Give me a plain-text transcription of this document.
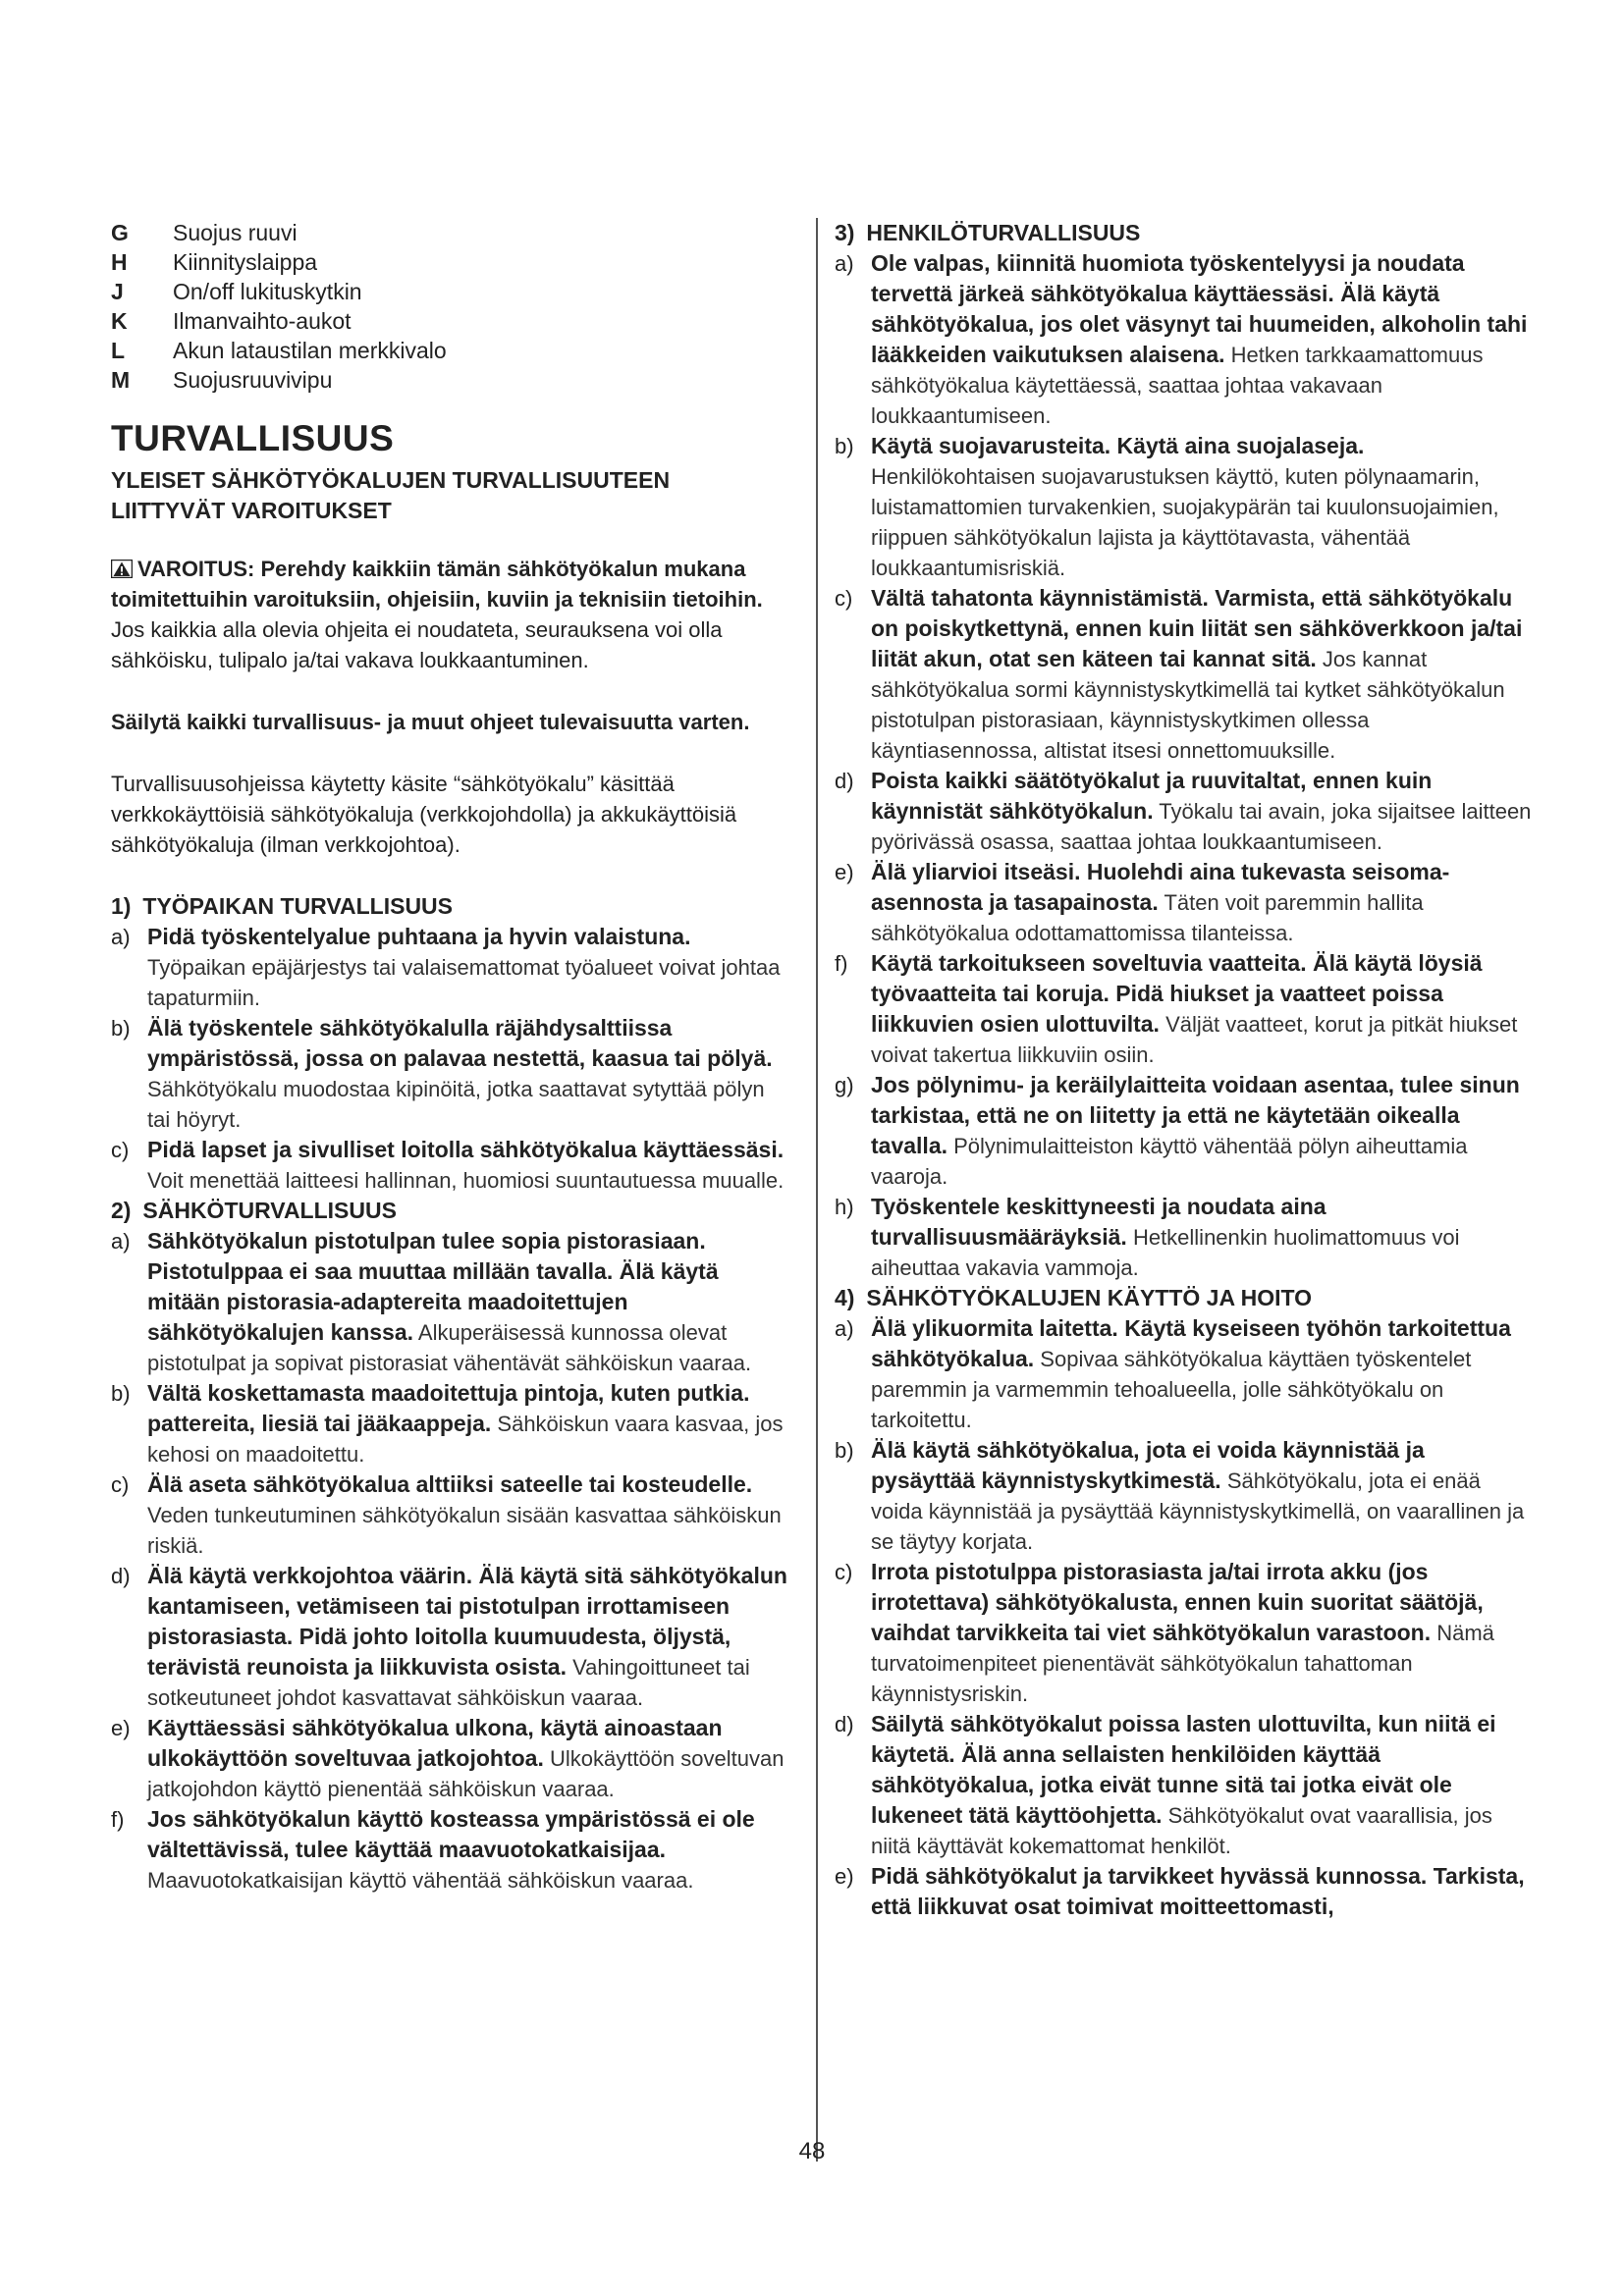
G	Suojus ruuvi
H	Kiinnityslaippa
J	On/off lukituskytkin
K	Ilmanvaihto-aukot
L	Akun lataustilan merkkivalo
M	Suojusruuvivipu
TURVALLISUUS
YLEISET SÄHKÖTYÖKALUJEN TURVALLISUUTEEN LIITTYVÄT VAROITUKSET

VAROITUS: Perehdy kaikkiin tämän sähkötyökalun mukana toimitettuihin varoituksiin, ohjeisiin, kuviin ja teknisiin tietoihin. Jos kaikkia alla olevia ohjeita ei noudateta, seurauksena voi olla sähköisku, tulipalo ja/tai vakava loukkaantuminen.

Säilytä kaikki turvallisuus- ja muut ohjeet tulevaisuutta varten.

Turvallisuusohjeissa käytetty käsite “sähkötyökalu” käsittää verkkokäyttöisiä sähkötyökaluja (verkkojohdolla) ja akkukäyttöisiä sähkötyökaluja (ilman verkkojohtoa).

1) TYÖPAIKAN TURVALLISUUS
a) Pidä työskentelyalue puhtaana ja hyvin valaistuna. Työpaikan epäjärjestys tai valaisemattomat työalueet voivat johtaa tapaturmiin.
b) Älä työskentele sähkötyökalulla räjähdysalttiissa ympäristössä, jossa on palavaa nestettä, kaasua tai pölyä. Sähkötyökalu muodostaa kipinöitä, jotka saattavat sytyttää pölyn tai höyryt.
c) Pidä lapset ja sivulliset loitolla sähkötyökalua käyttäessäsi. Voit menettää laitteesi hallinnan, huomiosi suuntautuessa muualle.
2) SÄHKÖTURVALLISUUS
a) Sähkötyökalun pistotulpan tulee sopia pistorasiaan. Pistotulppaa ei saa muuttaa millään tavalla. Älä käytä mitään pistorasia-adaptereita maadoitettujen sähkötyökalujen kanssa. Alkuperäisessä kunnossa olevat pistotulpat ja sopivat pistorasiat vähentävät sähköiskun vaaraa.
b) Vältä koskettamasta maadoitettuja pintoja, kuten putkia. pattereita, liesiä tai jääkaappeja. Sähköiskun vaara kasvaa, jos kehosi on maadoitettu.
c) Älä aseta sähkötyökalua alttiiksi sateelle tai kosteudelle. Veden tunkeutuminen sähkötyökalun sisään kasvattaa sähköiskun riskiä.
d) Älä käytä verkkojohtoa väärin. Älä käytä sitä sähkötyökalun kantamiseen, vetämiseen tai pistotulpan irrottamiseen pistorasiasta. Pidä johto loitolla kuumuudesta, öljystä, terävistä reunoista ja liikkuvista osista. Vahingoittuneet tai sotkeutuneet johdot kasvattavat sähköiskun vaaraa.
e) Käyttäessäsi sähkötyökalua ulkona, käytä ainoastaan ulkokäyttöön soveltuvaa jatkojohtoa. Ulkokäyttöön soveltuvan jatkojohdon käyttö pienentää sähköiskun vaaraa.
f)	Jos sähkötyökalun käyttö kosteassa ympäristössä ei ole vältettävissä, tulee käyttää maavuotokatkaisijaa. Maavuotokatkaisijan käyttö vähentää sähköiskun vaaraa.
3) HENKILÖTURVALLISUUS
a) Ole valpas, kiinnitä huomiota työskentelyysi ja noudata tervettä järkeä sähkötyökalua käyttäessäsi. Älä käytä sähkötyökalua, jos olet väsynyt tai huumeiden, alkoholin tahi lääkkeiden vaikutuksen alaisena. Hetken tarkkaamattomuus sähkötyökalua käytettäessä, saattaa johtaa vakavaan loukkaantumiseen.
b) Käytä suojavarusteita. Käytä aina suojalaseja. Henkilökohtaisen suojavarustuksen käyttö, kuten pölynaamarin, luistamattomien turvakenkien, suojakypärän tai kuulonsuojaimien, riippuen sähkötyökalun lajista ja käyttötavasta, vähentää loukkaantumisriskiä.
c) Vältä tahatonta käynnistämistä. Varmista, että sähkötyökalu on poiskytkettynä, ennen kuin liität sen sähköverkkoon ja/tai liität akun, otat sen käteen tai kannat sitä. Jos kannat sähkötyökalua sormi käynnistyskytkimellä tai kytket sähkötyökalun pistotulpan pistorasiaan, käynnistyskytkimen ollessa käyntiasennossa, altistat itsesi onnettomuuksille.
d) Poista kaikki säätötyökalut ja ruuvitaltat, ennen kuin käynnistät sähkötyökalun. Työkalu tai avain, joka sijaitsee laitteen pyörivässä osassa, saattaa johtaa loukkaantumiseen.
e) Älä yliarvioi itseäsi. Huolehdi aina tukevasta seisoma-asennosta ja tasapainosta. Täten voit paremmin hallita sähkötyökalua odottamattomissa tilanteissa.
f)	Käytä tarkoitukseen soveltuvia vaatteita. Älä käytä löysiä työvaatteita tai koruja. Pidä hiukset ja vaatteet poissa liikkuvien osien ulottuvilta. Väljät vaatteet, korut ja pitkät hiukset voivat takertua liikkuviin osiin.
g) Jos pölynimu- ja keräilylaitteita voidaan asentaa, tulee sinun tarkistaa, että ne on liitetty ja että ne käytetään oikealla tavalla. Pölynimulaitteiston käyttö vähentää pölyn aiheuttamia vaaroja.
h) Työskentele keskittyneesti ja noudata aina turvallisuusmääräyksiä. Hetkellinenkin huolimattomuus voi aiheuttaa vakavia vammoja.
4) SÄHKÖTYÖKALUJEN KÄYTTÖ JA HOITO
a) Älä ylikuormita laitetta. Käytä kyseiseen työhön tarkoitettua sähkötyökalua. Sopivaa sähkötyökalua käyttäen työskentelet paremmin ja varmemmin tehoalueella, jolle sähkötyökalu on tarkoitettu.
b) Älä käytä sähkötyökalua, jota ei voida käynnistää ja pysäyttää käynnistyskytkimestä. Sähkötyökalu, jota ei enää voida käynnistää ja pysäyttää käynnistyskytkimellä, on vaarallinen ja se täytyy korjata.
c) Irrota pistotulppa pistorasiasta ja/tai irrota akku (jos irrotettava) sähkötyökalusta, ennen kuin suoritat säätöjä, vaihdat tarvikkeita tai viet sähkötyökalun varastoon. Nämä turvatoimenpiteet pienentävät sähkötyökalun tahattoman käynnistysriskin.
d) Säilytä sähkötyökalut poissa lasten ulottuvilta, kun niitä ei käytetä. Älä anna sellaisten henkilöiden käyttää sähkötyökalua, jotka eivät tunne sitä tai jotka eivät ole lukeneet tätä käyttöohjetta. Sähkötyökalut ovat vaarallisia, jos niitä käyttävät kokemattomat henkilöt.
e) Pidä sähkötyökalut ja tarvikkeet hyvässä kunnossa. Tarkista, että liikkuvat osat toimivat moitteettomasti,
48
